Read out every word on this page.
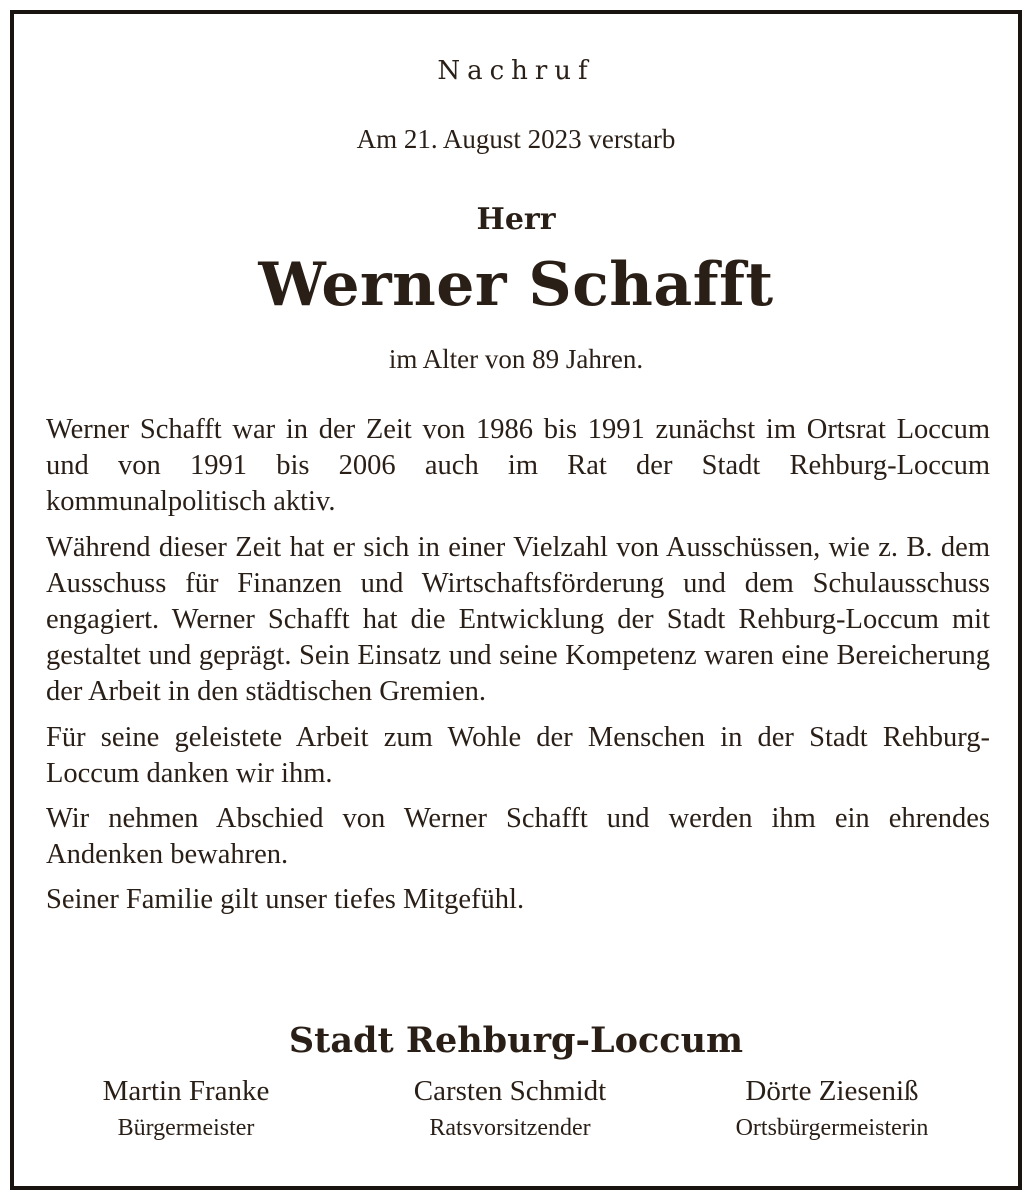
Nachruf
Am 21. August 2023 verstarb
Herr
Werner Schafft
im Alter von 89 Jahren.

Werner Schafft war in der Zeit von 1986 bis 1991 zunächst im Ortsrat Loccum und von 1991 bis 2006 auch im Rat der Stadt Rehburg-Loccum kommunalpolitisch aktiv.

Während dieser Zeit hat er sich in einer Vielzahl von Ausschüssen, wie z. B. dem Ausschuss für Finanzen und Wirtschaftsförderung und dem Schulausschuss engagiert. Werner Schafft hat die Entwicklung der Stadt Rehburg-Loccum mit gestaltet und geprägt. Sein Einsatz und seine Kompetenz waren eine Bereicherung der Arbeit in den städtischen Gremien.

Für seine geleistete Arbeit zum Wohle der Menschen in der Stadt Rehburg-Loccum danken wir ihm.

Wir nehmen Abschied von Werner Schafft und werden ihm ein ehrendes Andenken bewahren.

Seiner Familie gilt unser tiefes Mitgefühl.

Stadt Rehburg-Loccum
Martin Franke
Bürgermeister
Carsten Schmidt
Ratsvorsitzender
Dörte Ziesenіß
Ortsbürgermeisterin
